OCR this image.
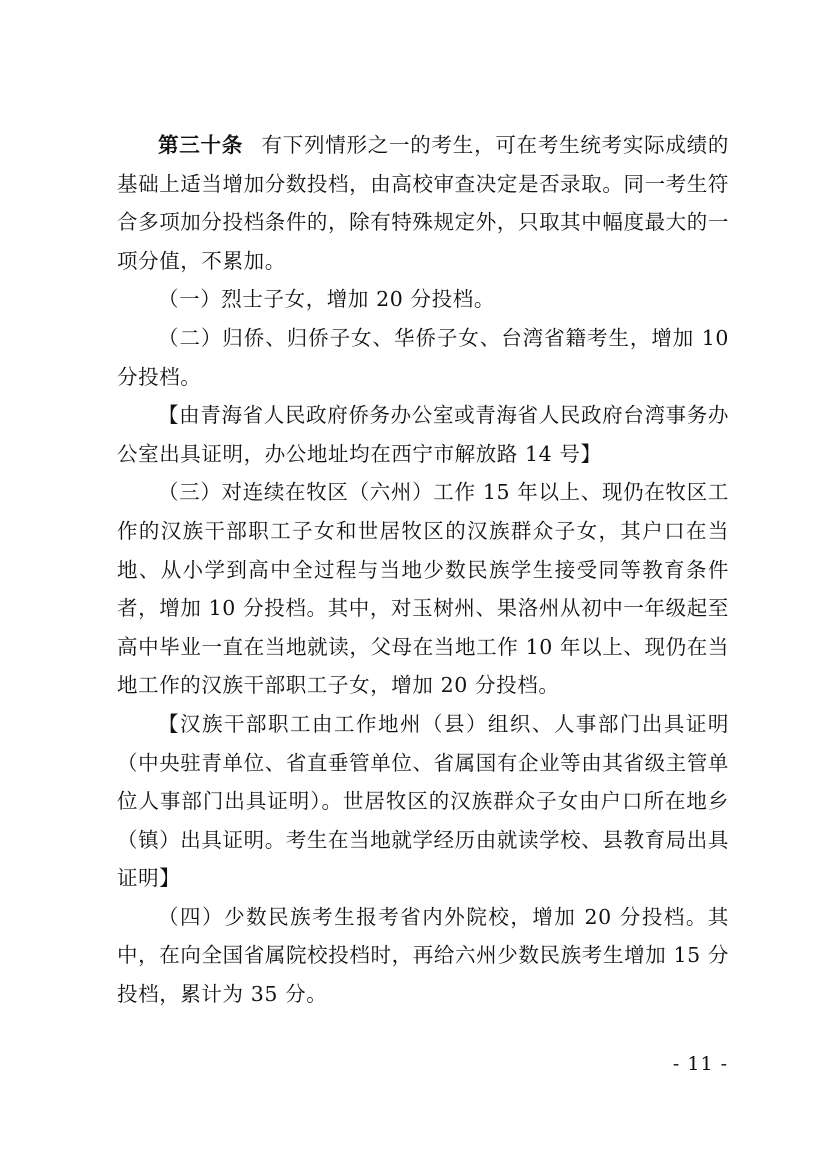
第三十条 有下列情形之一的考生，可在考生统考实际成绩的基础上适当增加分数投档，由高校审查决定是否录取。同一考生符合多项加分投档条件的，除有特殊规定外，只取其中幅度最大的一项分值，不累加。

（一）烈士子女，增加 20 分投档。

（二）归侨、归侨子女、华侨子女、台湾省籍考生，增加 10 分投档。

【由青海省人民政府侨务办公室或青海省人民政府台湾事务办公室出具证明，办公地址均在西宁市解放路 14 号】

（三）对连续在牧区（六州）工作 15 年以上、现仍在牧区工作的汉族干部职工子女和世居牧区的汉族群众子女，其户口在当地、从小学到高中全过程与当地少数民族学生接受同等教育条件者，增加 10 分投档。其中，对玉树州、果洛州从初中一年级起至高中毕业一直在当地就读，父母在当地工作 10 年以上、现仍在当地工作的汉族干部职工子女，增加 20 分投档。

【汉族干部职工由工作地州（县）组织、人事部门出具证明（中央驻青单位、省直垂管单位、省属国有企业等由其省级主管单位人事部门出具证明）。世居牧区的汉族群众子女由户口所在地乡（镇）出具证明。考生在当地就学经历由就读学校、县教育局出具证明】

（四）少数民族考生报考省内外院校，增加 20 分投档。其中，在向全国省属院校投档时，再给六州少数民族考生增加 15 分投档，累计为 35 分。

- 11 -
